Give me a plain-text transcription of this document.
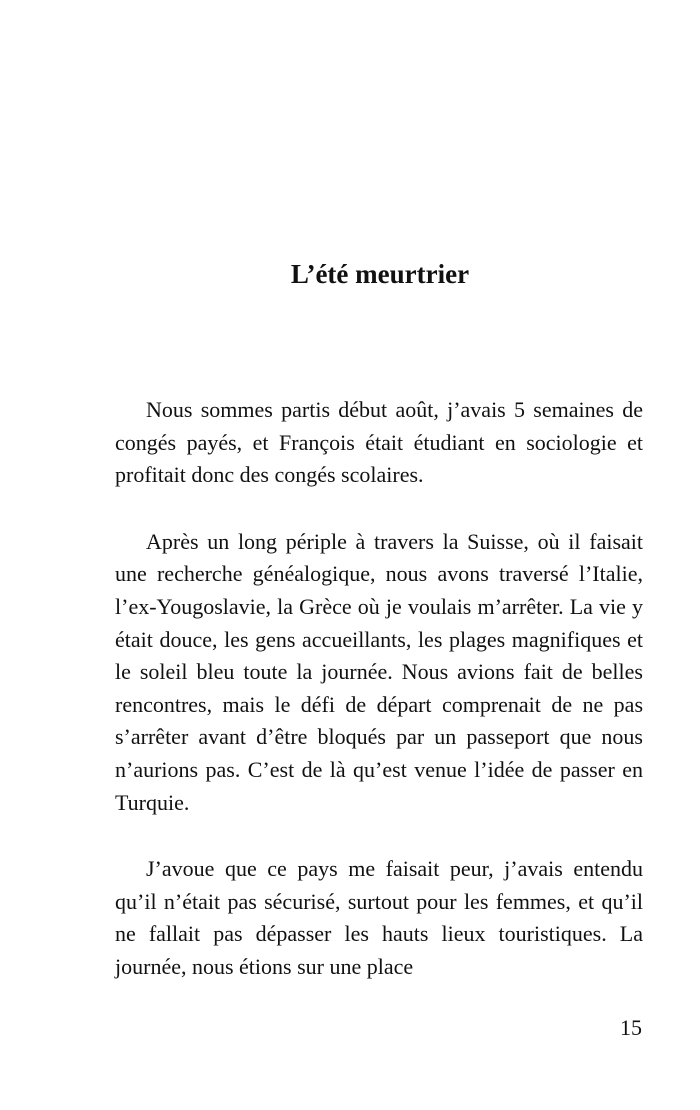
L’été meurtrier

Nous sommes partis début août, j’avais 5 semaines de congés payés, et François était étudiant en sociologie et profitait donc des congés scolaires.

Après un long périple à travers la Suisse, où il faisait une recherche généalogique, nous avons traversé l’Italie, l’ex-Yougoslavie, la Grèce où je voulais m’arrêter. La vie y était douce, les gens accueillants, les plages magnifiques et le soleil bleu toute la journée. Nous avions fait de belles rencontres, mais le défi de départ comprenait de ne pas s’arrêter avant d’être bloqués par un passeport que nous n’aurions pas. C’est de là qu’est venue l’idée de passer en Turquie.

J’avoue que ce pays me faisait peur, j’avais entendu qu’il n’était pas sécurisé, surtout pour les femmes, et qu’il ne fallait pas dépasser les hauts lieux touristiques. La journée, nous étions sur une place

15
